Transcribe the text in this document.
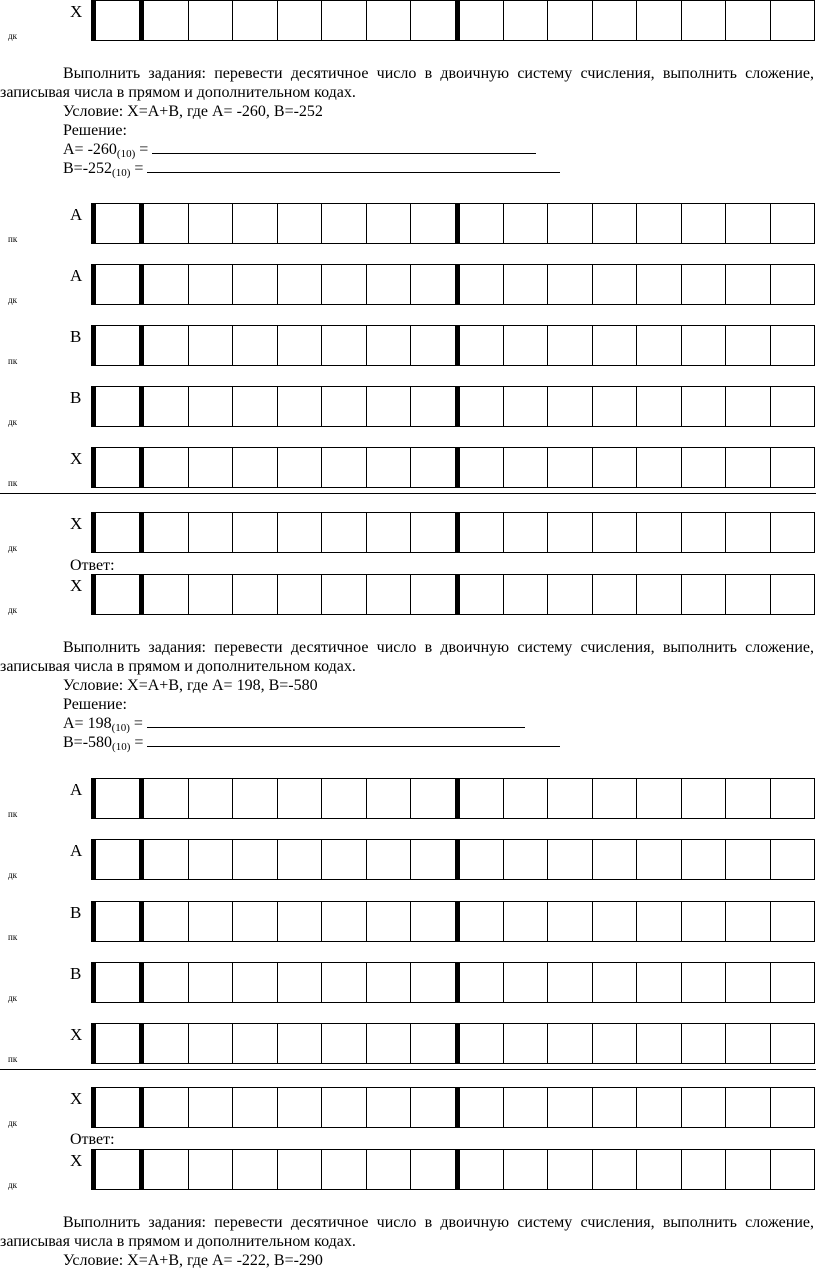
X
дк

Выполнить задания: перевести десятичное число в двоичную систему счисления, выполнить сложение, записывая числа в прямом и дополнительном кодах.

Условие: X=A+B, где A= -260, B=-252

Решение:

$A= -260_{(10)}$ =

$B=-252_{(10)}$ =

A
пк
A
дк
B
пк
B
дк
X
пк
X
дк
Ответ:
X
дк

Выполнить задания: перевести десятичное число в двоичную систему счисления, выполнить сложение, записывая числа в прямом и дополнительном кодах.

Условие: X=A+B, где A= 198, B=-580

Решение:

$A= 198_{(10)}$ =

$B=-580_{(10)}$ =

A
пк
A
дк
B
пк
B
дк
X
пк
X
дк
Ответ:
X
дк

Выполнить задания: перевести десятичное число в двоичную систему счисления, выполнить сложение, записывая числа в прямом и дополнительном кодах.

Условие: X=A+B, где A= -222, B=-290
